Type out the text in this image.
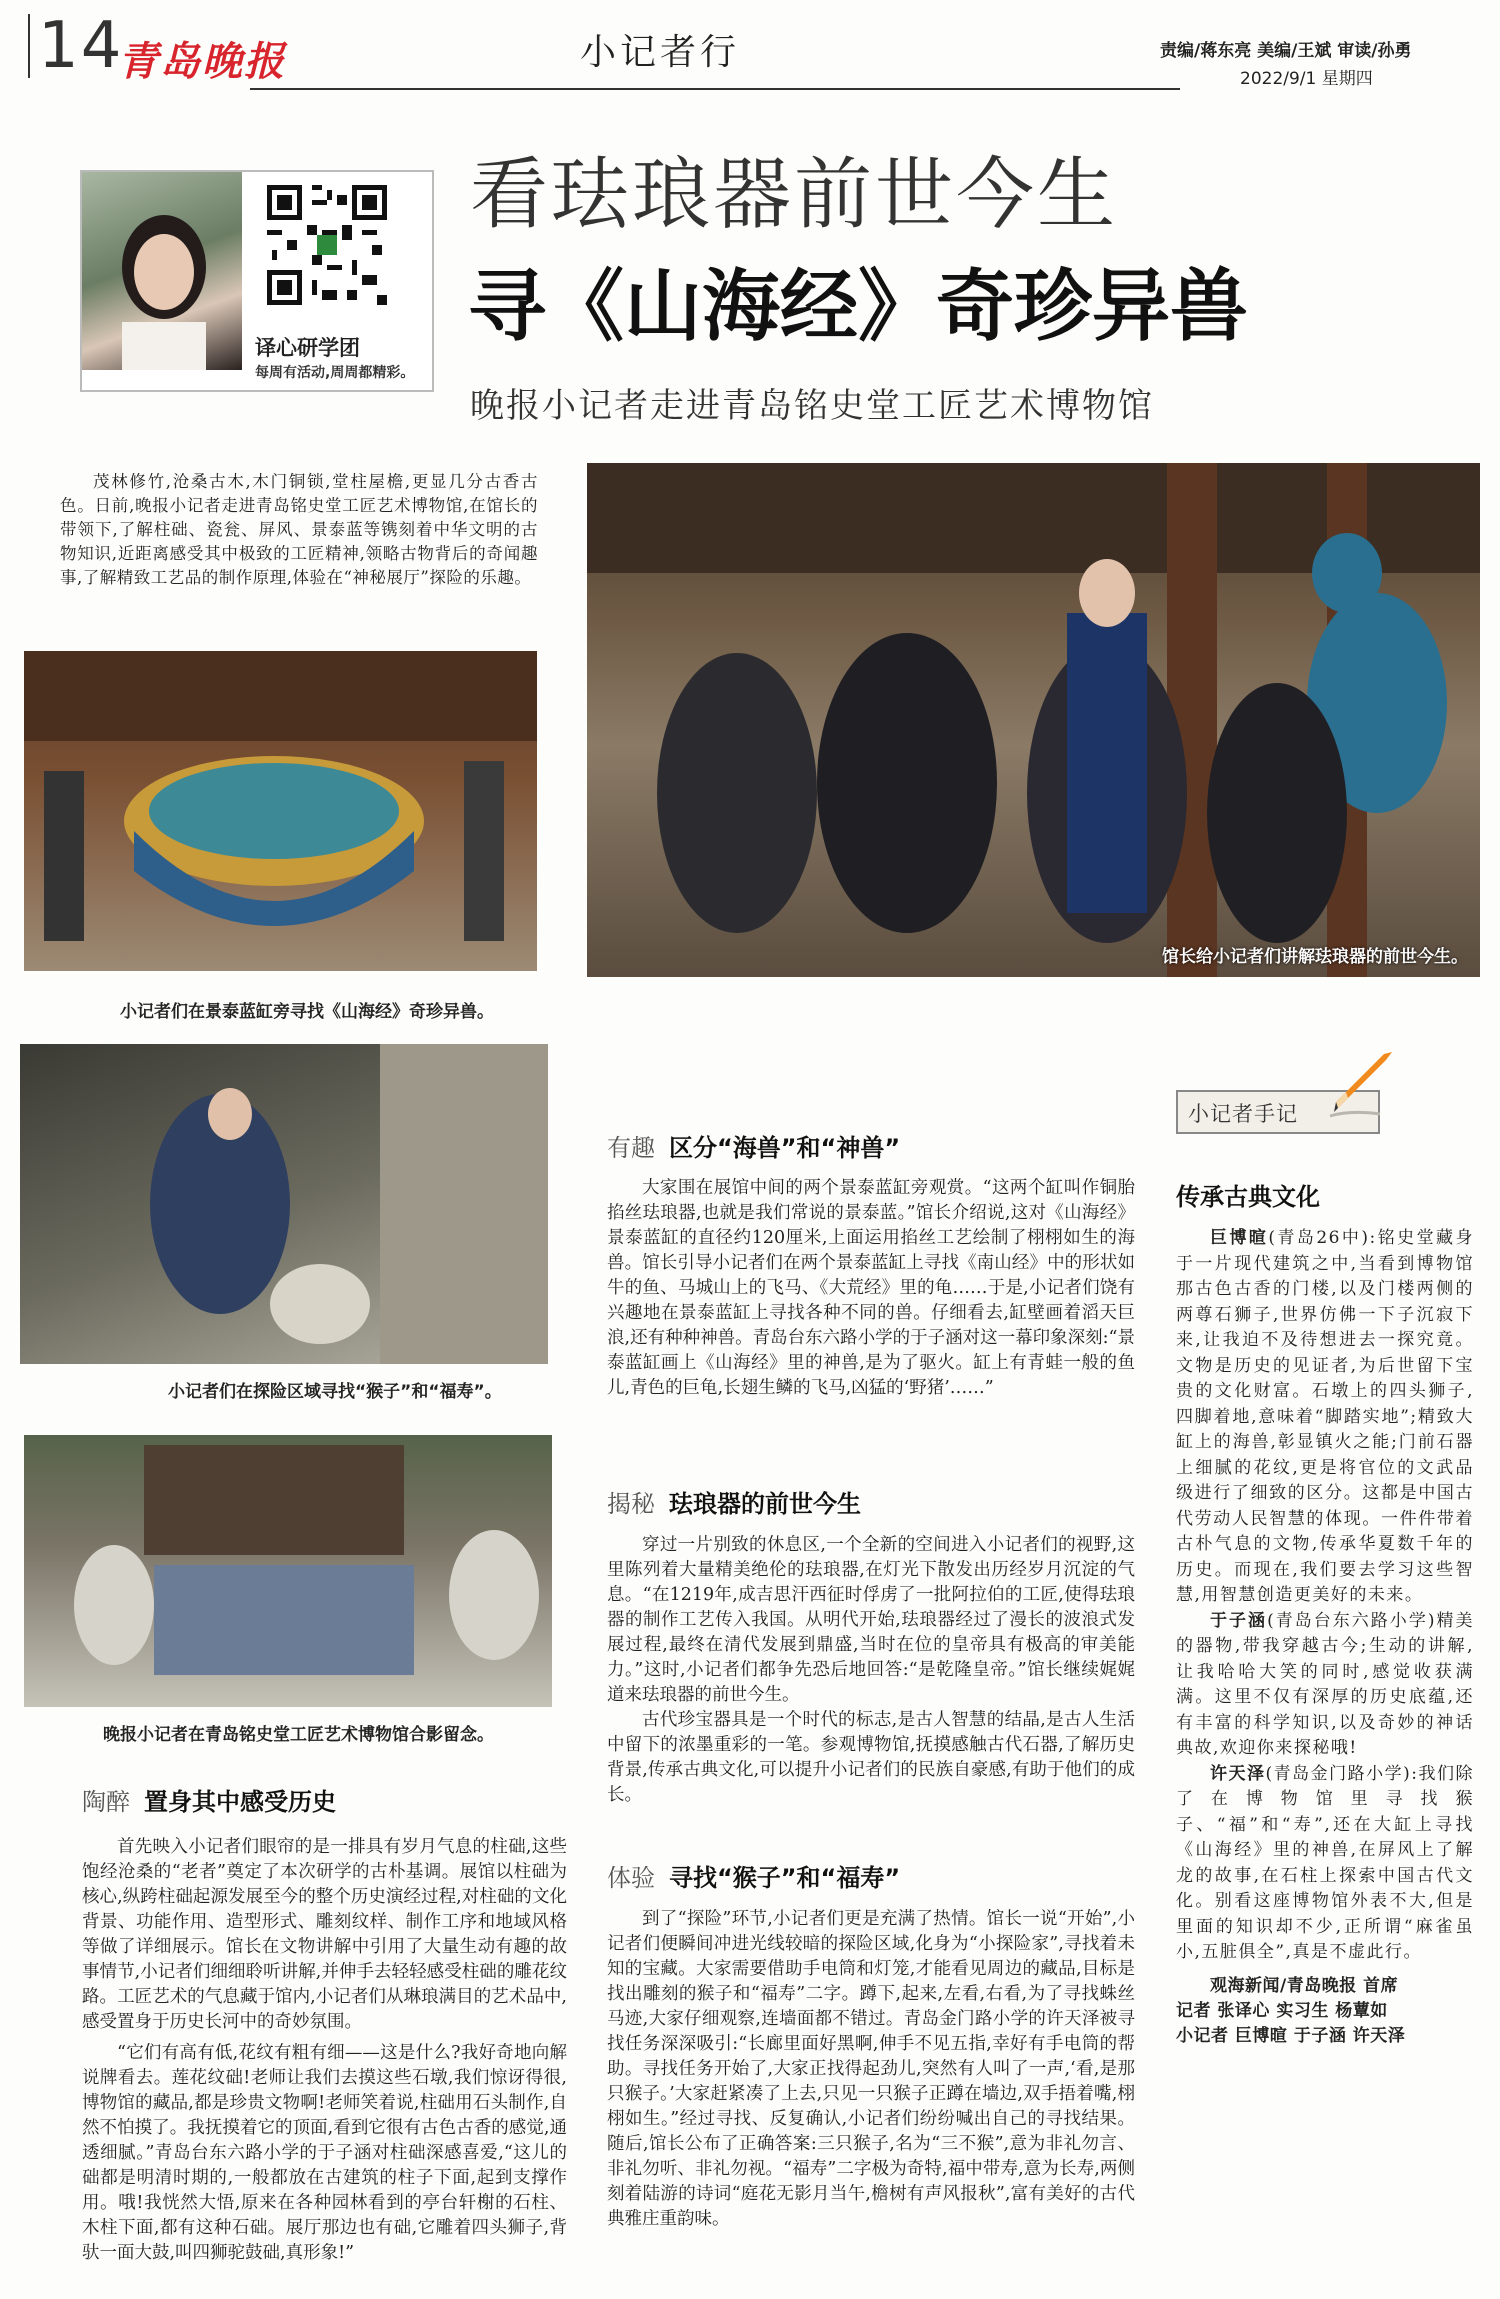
14
青岛晚报	小记者行	责编/蒋东亮 美编/王斌 审读/孙勇
2022/9/1 星期四
译心研学团
每周有活动,周周都精彩。
看珐琅器前世今生
寻《山海经》奇珍异兽
晚报小记者走进青岛铭史堂工匠艺术博物馆
茂林修竹,沧桑古木,木门铜锁,堂柱屋檐,更显几分古香古色。日前,晚报小记者走进青岛铭史堂工匠艺术博物馆,在馆长的带领下,了解柱础、瓷瓮、屏风、景泰蓝等镌刻着中华文明的古物知识,近距离感受其中极致的工匠精神,领略古物背后的奇闻趣事,了解精致工艺品的制作原理,体验在“神秘展厅”探险的乐趣。
馆长给小记者们讲解珐琅器的前世今生。
小记者们在景泰蓝缸旁寻找《山海经》奇珍异兽。
小记者们在探险区域寻找“猴子”和“福寿”。
晚报小记者在青岛铭史堂工匠艺术博物馆合影留念。
陶醉 置身其中感受历史

首先映入小记者们眼帘的是一排具有岁月气息的柱础,这些饱经沧桑的“老者”奠定了本次研学的古朴基调。展馆以柱础为核心,纵跨柱础起源发展至今的整个历史演经过程,对柱础的文化背景、功能作用、造型形式、雕刻纹样、制作工序和地域风格等做了详细展示。馆长在文物讲解中引用了大量生动有趣的故事情节,小记者们细细聆听讲解,并伸手去轻轻感受柱础的雕花纹路。工匠艺术的气息藏于馆内,小记者们从琳琅满目的艺术品中,感受置身于历史长河中的奇妙氛围。

“它们有高有低,花纹有粗有细——这是什么?我好奇地向解说牌看去。莲花纹础!老师让我们去摸这些石墩,我们惊讶得很,博物馆的藏品,都是珍贵文物啊!老师笑着说,柱础用石头制作,自然不怕摸了。我抚摸着它的顶面,看到它很有古色古香的感觉,通透细腻。”青岛台东六路小学的于子涵对柱础深感喜爱,“这儿的础都是明清时期的,一般都放在古建筑的柱子下面,起到支撑作用。哦!我恍然大悟,原来在各种园林看到的亭台轩榭的石柱、木柱下面,都有这种石础。展厅那边也有础,它雕着四头狮子,背驮一面大鼓,叫四狮驼鼓础,真形象!”

有趣 区分“海兽”和“神兽”

大家围在展馆中间的两个景泰蓝缸旁观赏。“这两个缸叫作铜胎掐丝珐琅器,也就是我们常说的景泰蓝。”馆长介绍说,这对《山海经》景泰蓝缸的直径约120厘米,上面运用掐丝工艺绘制了栩栩如生的海兽。馆长引导小记者们在两个景泰蓝缸上寻找《南山经》中的形状如牛的鱼、马城山上的飞马、《大荒经》里的龟……于是,小记者们饶有兴趣地在景泰蓝缸上寻找各种不同的兽。仔细看去,缸壁画着滔天巨浪,还有种种神兽。青岛台东六路小学的于子涵对这一幕印象深刻:“景泰蓝缸画上《山海经》里的神兽,是为了驱火。缸上有青蛙一般的鱼儿,青色的巨龟,长翅生鳞的飞马,凶猛的‘野猪’……”

揭秘 珐琅器的前世今生

穿过一片别致的休息区,一个全新的空间进入小记者们的视野,这里陈列着大量精美绝伦的珐琅器,在灯光下散发出历经岁月沉淀的气息。“在1219年,成吉思汗西征时俘虏了一批阿拉伯的工匠,使得珐琅器的制作工艺传入我国。从明代开始,珐琅器经过了漫长的波浪式发展过程,最终在清代发展到鼎盛,当时在位的皇帝具有极高的审美能力。”这时,小记者们都争先恐后地回答:“是乾隆皇帝。”馆长继续娓娓道来珐琅器的前世今生。

古代珍宝器具是一个时代的标志,是古人智慧的结晶,是古人生活中留下的浓墨重彩的一笔。参观博物馆,抚摸感触古代石器,了解历史背景,传承古典文化,可以提升小记者们的民族自豪感,有助于他们的成长。

体验 寻找“猴子”和“福寿”

到了“探险”环节,小记者们更是充满了热情。馆长一说“开始”,小记者们便瞬间冲进光线较暗的探险区域,化身为“小探险家”,寻找着未知的宝藏。大家需要借助手电筒和灯笼,才能看见周边的藏品,目标是找出雕刻的猴子和“福寿”二字。蹲下,起来,左看,右看,为了寻找蛛丝马迹,大家仔细观察,连墙面都不错过。青岛金门路小学的许天泽被寻找任务深深吸引:“长廊里面好黑啊,伸手不见五指,幸好有手电筒的帮助。寻找任务开始了,大家正找得起劲儿,突然有人叫了一声,‘看,是那只猴子。’大家赶紧凑了上去,只见一只猴子正蹲在墙边,双手捂着嘴,栩栩如生。”经过寻找、反复确认,小记者们纷纷喊出自己的寻找结果。随后,馆长公布了正确答案:三只猴子,名为“三不猴”,意为非礼勿言、非礼勿听、非礼勿视。“福寿”二字极为奇特,福中带寿,意为长寿,两侧刻着陆游的诗词“庭花无影月当午,檐树有声风报秋”,富有美好的古代典雅庄重韵味。

小记者手记
传承古典文化

巨博暄(青岛26中):铭史堂藏身于一片现代建筑之中,当看到博物馆那古色古香的门楼,以及门楼两侧的两尊石狮子,世界仿佛一下子沉寂下来,让我迫不及待想进去一探究竟。文物是历史的见证者,为后世留下宝贵的文化财富。石墩上的四头狮子,四脚着地,意味着“脚踏实地”;精致大缸上的海兽,彰显镇火之能;门前石器上细腻的花纹,更是将官位的文武品级进行了细致的区分。这都是中国古代劳动人民智慧的体现。一件件带着古朴气息的文物,传承华夏数千年的历史。而现在,我们要去学习这些智慧,用智慧创造更美好的未来。

于子涵(青岛台东六路小学)精美的器物,带我穿越古今;生动的讲解,让我哈哈大笑的同时,感觉收获满满。这里不仅有深厚的历史底蕴,还有丰富的科学知识,以及奇妙的神话典故,欢迎你来探秘哦!

许天泽(青岛金门路小学):我们除了在博物馆里寻找猴子、“福”和“寿”,还在大缸上寻找《山海经》里的神兽,在屏风上了解龙的故事,在石柱上探索中国古代文化。别看这座博物馆外表不大,但是里面的知识却不少,正所谓“麻雀虽小,五脏俱全”,真是不虚此行。

观海新闻/青岛晚报 首席
记者 张译心 实习生 杨蕈如
小记者 巨博暄 于子涵 许天泽
